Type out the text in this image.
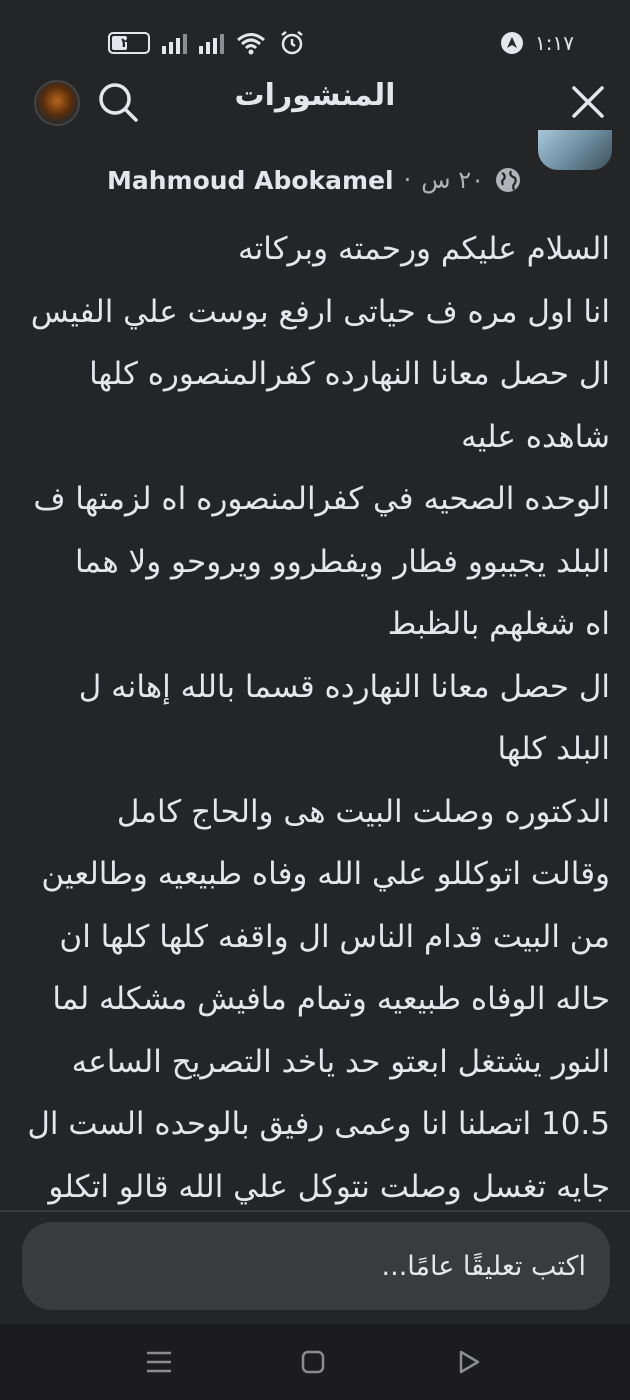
٢٤	١:١٧
المنشورات
٢٠ س
·
Mahmoud Abokamel
السلام عليكم ورحمته وبركاته
انا اول مره ف حياتى ارفع بوست علي الفيس
ال حصل معانا النهارده كفرالمنصوره كلها
شاهده عليه
الوحده الصحيه في كفرالمنصوره اه لزمتها ف
البلد يجيبوو فطار ويفطروو ويروحو ولا هما
اه شغلهم بالظبط
ال حصل معانا النهارده قسما بالله إهانه ل
البلد كلها
الدكتوره وصلت البيت هى والحاج كامل
وقالت اتوكللو علي الله وفاه طبيعيه وطالعين
من البيت قدام الناس ال واقفه كلها كلها ان
حاله الوفاه طبيعيه وتمام مافيش مشكله لما
النور يشتغل ابعتو حد ياخد التصريح الساعه
10.5 اتصلنا انا وعمى رفيق بالوحده الست ال
جايه تغسل وصلت نتوكل علي الله قالو اتكلو
اكتب تعليقًا عامًا...
